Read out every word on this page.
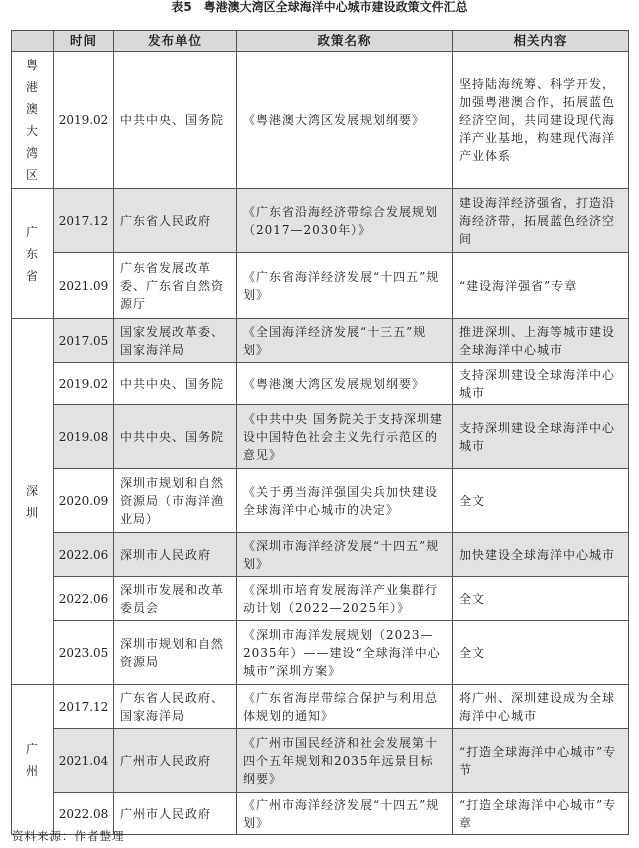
表5　粤港澳大湾区全球海洋中心城市建设政策文件汇总
	时间	发布单位	政策名称	相关内容
粤港澳大湾区	2019.02	中共中央、国务院	《粤港澳大湾区发展规划纲要》	坚持陆海统筹、科学开发，加强粤港澳合作，拓展蓝色经济空间，共同建设现代海洋产业基地，构建现代海洋产业体系
广东省	2017.12	广东省人民政府	《广东省沿海经济带综合发展规划（2017—2030年）》	建设海洋经济强省，打造沿海经济带，拓展蓝色经济空间
	2021.09	广东省发展改革委、广东省自然资源厅	《广东省海洋经济发展“十四五”规划》	“建设海洋强省”专章
深圳	2017.05	国家发展改革委、国家海洋局	《全国海洋经济发展“十三五”规划》	推进深圳、上海等城市建设全球海洋中心城市
	2019.02	中共中央、国务院	《粤港澳大湾区发展规划纲要》	支持深圳建设全球海洋中心城市
	2019.08	中共中央、国务院	《中共中央 国务院关于支持深圳建设中国特色社会主义先行示范区的意见》	支持深圳建设全球海洋中心城市
	2020.09	深圳市规划和自然资源局（市海洋渔业局）	《关于勇当海洋强国尖兵加快建设全球海洋中心城市的决定》	全文
	2022.06	深圳市人民政府	《深圳市海洋经济发展“十四五”规划》	加快建设全球海洋中心城市
	2022.06	深圳市发展和改革委员会	《深圳市培育发展海洋产业集群行动计划（2022—2025年）》	全文
	2023.05	深圳市规划和自然资源局	《深圳市海洋发展规划（2023—2035年）——建设“全球海洋中心城市”深圳方案》	全文
广州	2017.12	广东省人民政府、国家海洋局	《广东省海岸带综合保护与利用总体规划的通知》	将广州、深圳建设成为全球海洋中心城市
	2021.04	广州市人民政府	《广州市国民经济和社会发展第十四个五年规划和2035年远景目标纲要》	“打造全球海洋中心城市”专节
	2022.08	广州市人民政府	《广州市海洋经济发展“十四五”规划》	“打造全球海洋中心城市”专章
资料来源：作者整理
